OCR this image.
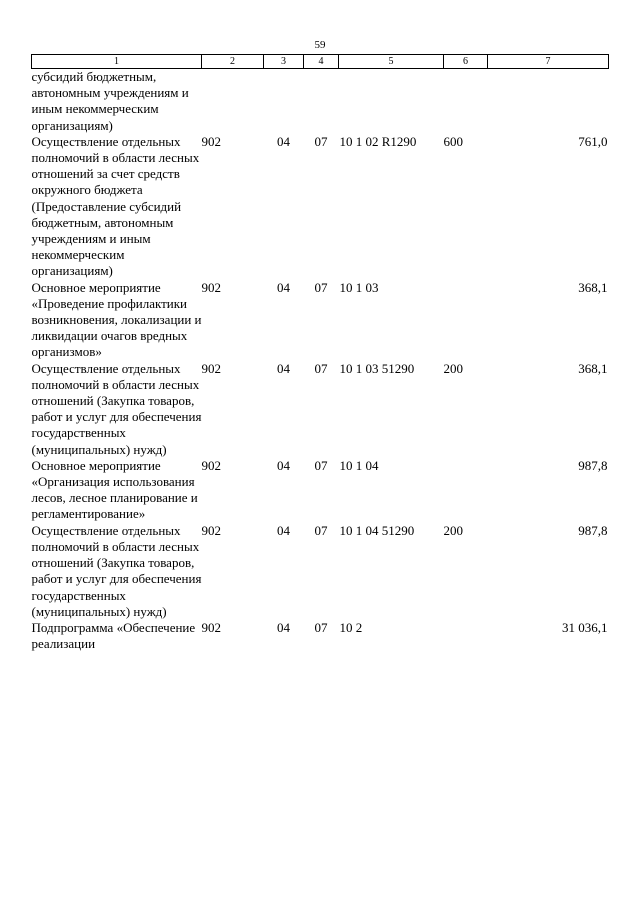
59
1	2	3	4	5	6	7
субсидий бюджетным, автономным учреждениям и иным некоммерческим организациям)						
Осуществление отдельных полномочий в области лесных отношений за счет средств окружного бюджета (Предоставление субсидий бюджетным, автономным учреждениям и иным некоммерческим организациям)	902	04	07	10 1 02 R1290	600	761,0
Основное мероприятие «Проведение профилактики возникновения, локализации и ликвидации очагов вредных организмов»	902	04	07	10 1 03		368,1
Осуществление отдельных полномочий в области лесных отношений (Закупка товаров, работ и услуг для обеспечения государственных (муниципальных) нужд)	902	04	07	10 1 03 51290	200	368,1
Основное мероприятие «Организация использования лесов, лесное планирование и регламентирование»	902	04	07	10 1 04		987,8
Осуществление отдельных полномочий в области лесных отношений (Закупка товаров, работ и услуг для обеспечения государственных (муниципальных) нужд)	902	04	07	10 1 04 51290	200	987,8
Подпрограмма «Обеспечение реализации	902	04	07	10 2		31 036,1
